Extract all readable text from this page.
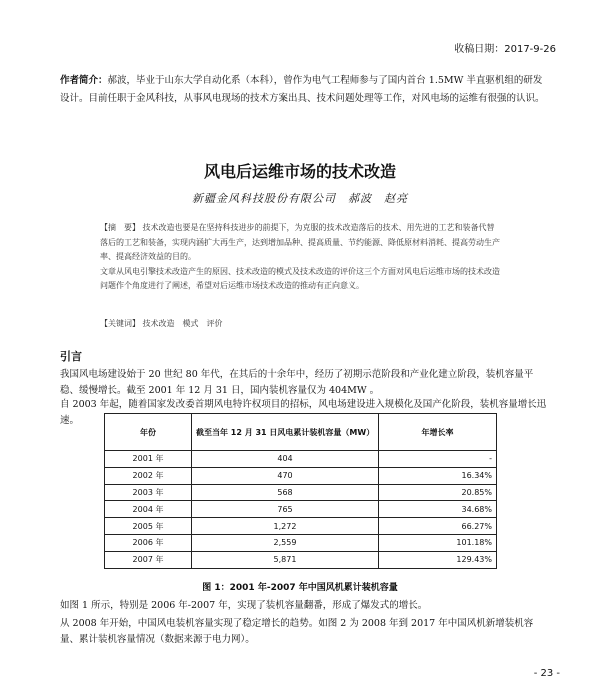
收稿日期：2017-9-26
作者简介：郝波，毕业于山东大学自动化系（本科），曾作为电气工程师参与了国内首台 1.5MW 半直驱机组的研发设计。目前任职于金风科技，从事风电现场的技术方案出具、技术问题处理等工作，对风电场的运维有很强的认识。
风电后运维市场的技术改造
新疆金风科技股份有限公司　郝波　赵亮
【摘　要】 技术改造也要是在坚持科技进步的前提下，为克服的技术改造落后的技术、用先进的工艺和装备代替落后的工艺和装备，实现内涵扩大再生产，达到增加品种、提高质量、节约能源、降低原材料消耗、提高劳动生产率、提高经济效益的目的。
文章从风电引擎技术改造产生的原因、技术改造的模式及技术改造的评价这三个方面对风电后运维市场的技术改造问题作个角度进行了阐述，希望对后运维市场技术改造的推动有正向意义。
【关键词】 技术改造　模式　评价
引言
我国风电场建设始于 20 世纪 80 年代，在其后的十余年中，经历了初期示范阶段和产业化建立阶段，装机容量平稳、缓慢增长。截至 2001 年 12 月 31 日，国内装机容量仅为 404MW 。
自 2003 年起，随着国家发改委首期风电特许权项目的招标，风电场建设进入规模化及国产化阶段，装机容量增长迅速。
年份	截至当年 12 月 31 日风电累计装机容量（MW）	年增长率
2001 年	404	-
2002 年	470	16.34%
2003 年	568	20.85%
2004 年	765	34.68%
2005 年	1,272	66.27%
2006 年	2,559	101.18%
2007 年	5,871	129.43%
图 1：2001 年-2007 年中国风机累计装机容量
如图 1 所示，特别是 2006 年-2007 年，实现了装机容量翻番，形成了爆发式的增长。
从 2008 年开始，中国风电装机容量实现了稳定增长的趋势。如图 2 为 2008 年到 2017 年中国风机新增装机容量、累计装机容量情况（数据来源于电力网）。
- 23 -
